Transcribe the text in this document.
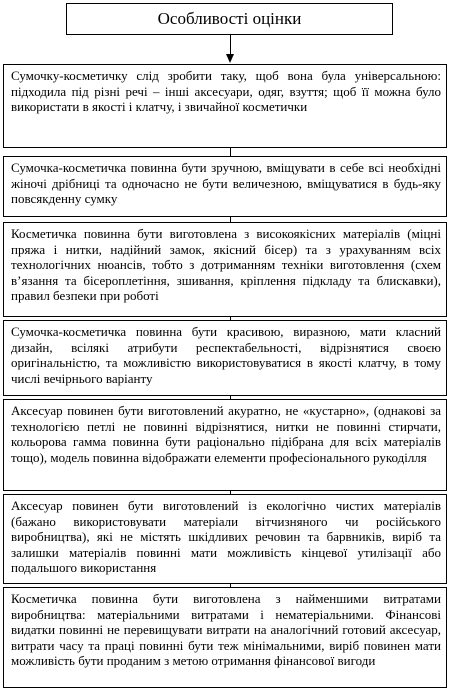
Особливості оцінки
Сумочку-косметичку слід зробити таку, щоб вона була універсальною: підходила під різні речі – інші аксесуари, одяг, взуття; щоб її можна було використати в якості і клатчу, і звичайної косметички
Сумочка-косметичка повинна бути зручною, вміщувати в себе всі необхідні жіночі дрібниці та одночасно не бути величезною, вміщуватися в будь-яку повсякденну сумку
Косметичка повинна бути виготовлена з високоякісних матеріалів (міцні пряжа і нитки, надійний замок, якісний бісер) та з урахуванням всіх технологічних нюансів, тобто з дотриманням техніки виготовлення (схем в’язання та бісероплетіння, зшивання, кріплення підкладу та блискавки), правил безпеки при роботі
Сумочка-косметичка повинна бути красивою, виразною, мати класний дизайн, всілякі атрибути респектабельності, відрізнятися своєю оригінальністю, та можливістю використовуватися в якості клатчу, в тому числі вечірнього варіанту
Аксесуар повинен бути виготовлений акуратно, не «кустарно», (однакові за технологією петлі не повинні відрізнятися, нитки не повинні стирчати, кольорова гамма повинна бути раціонально підібрана для всіх матеріалів тощо), модель повинна відображати елементи професіонального рукоділля
Аксесуар повинен бути виготовлений із екологічно чистих матеріалів (бажано використовувати матеріали вітчизняного чи російського виробництва), які не містять шкідливих речовин та барвників, виріб та залишки матеріалів повинні мати можливість кінцевої утилізації або подальшого використання
Косметичка повинна бути виготовлена з найменшими витратами виробництва: матеріальними витратами і нематеріальними. Фінансові видатки повинні не перевищувати витрати на аналогічний готовий аксесуар, витрати часу та праці повинні бути теж мінімальними, виріб повинен мати можливість бути проданим з метою отримання фінансової вигоди
